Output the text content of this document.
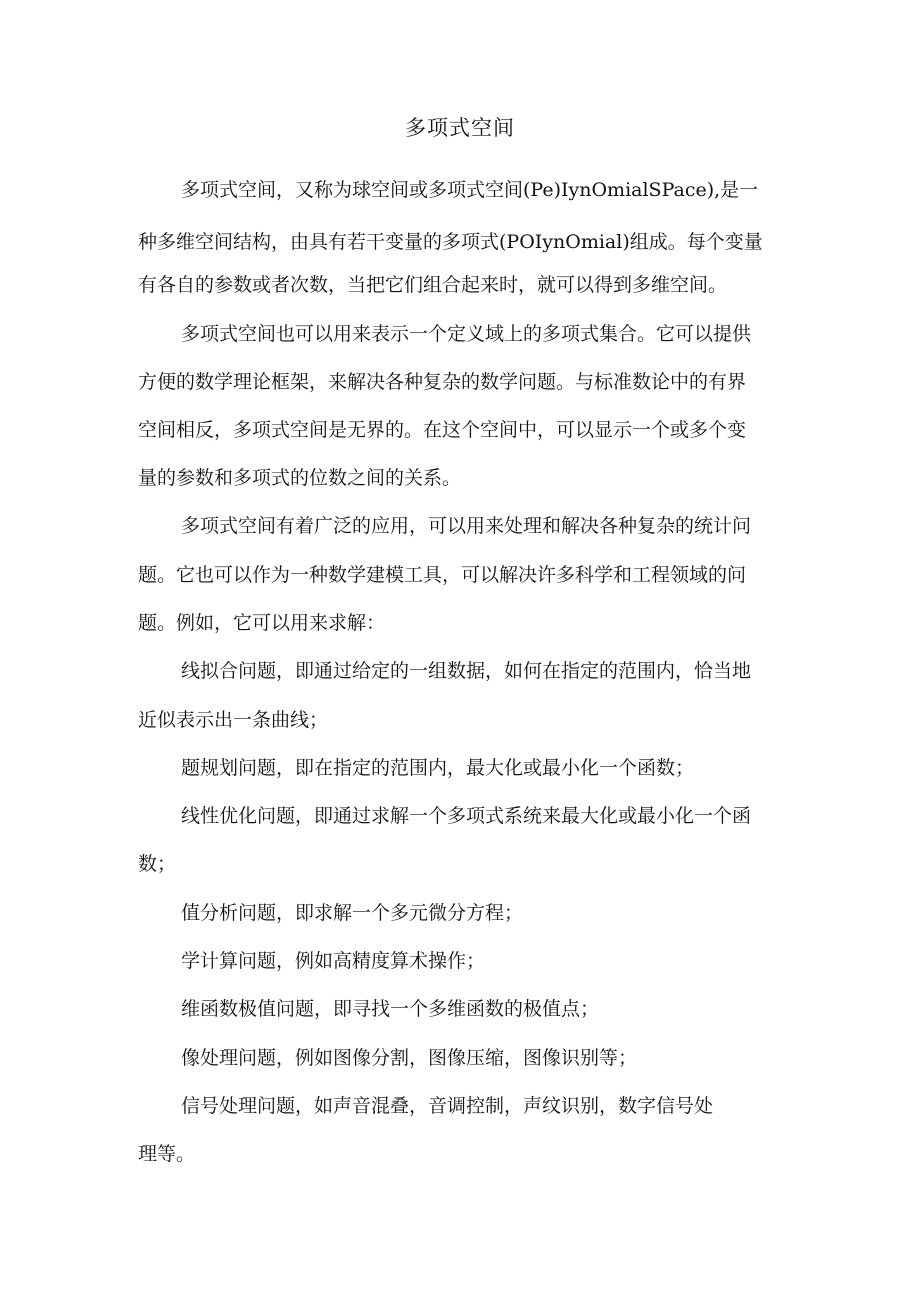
多项式空间
多项式空间，又称为球空间或多项式空间(Pe)IynOmialSPace),是一
种多维空间结构，由具有若干变量的多项式(POIynOmial)组成。每个变量
有各自的参数或者次数，当把它们组合起来时，就可以得到多维空间。
多项式空间也可以用来表示一个定义域上的多项式集合。它可以提供
方便的数学理论框架，来解决各种复杂的数学问题。与标准数论中的有界
空间相反，多项式空间是无界的。在这个空间中，可以显示一个或多个变
量的参数和多项式的位数之间的关系。
多项式空间有着广泛的应用，可以用来处理和解决各种复杂的统计问
题。它也可以作为一种数学建模工具，可以解决许多科学和工程领域的问
题。例如，它可以用来求解：
线拟合问题，即通过给定的一组数据，如何在指定的范围内，恰当地
近似表示出一条曲线；
题规划问题，即在指定的范围内，最大化或最小化一个函数；
线性优化问题，即通过求解一个多项式系统来最大化或最小化一个函
数；
值分析问题，即求解一个多元微分方程；
学计算问题，例如高精度算术操作；
维函数极值问题，即寻找一个多维函数的极值点；
像处理问题，例如图像分割，图像压缩，图像识别等；
信号处理问题，如声音混叠，音调控制，声纹识别，数字信号处
理等。
